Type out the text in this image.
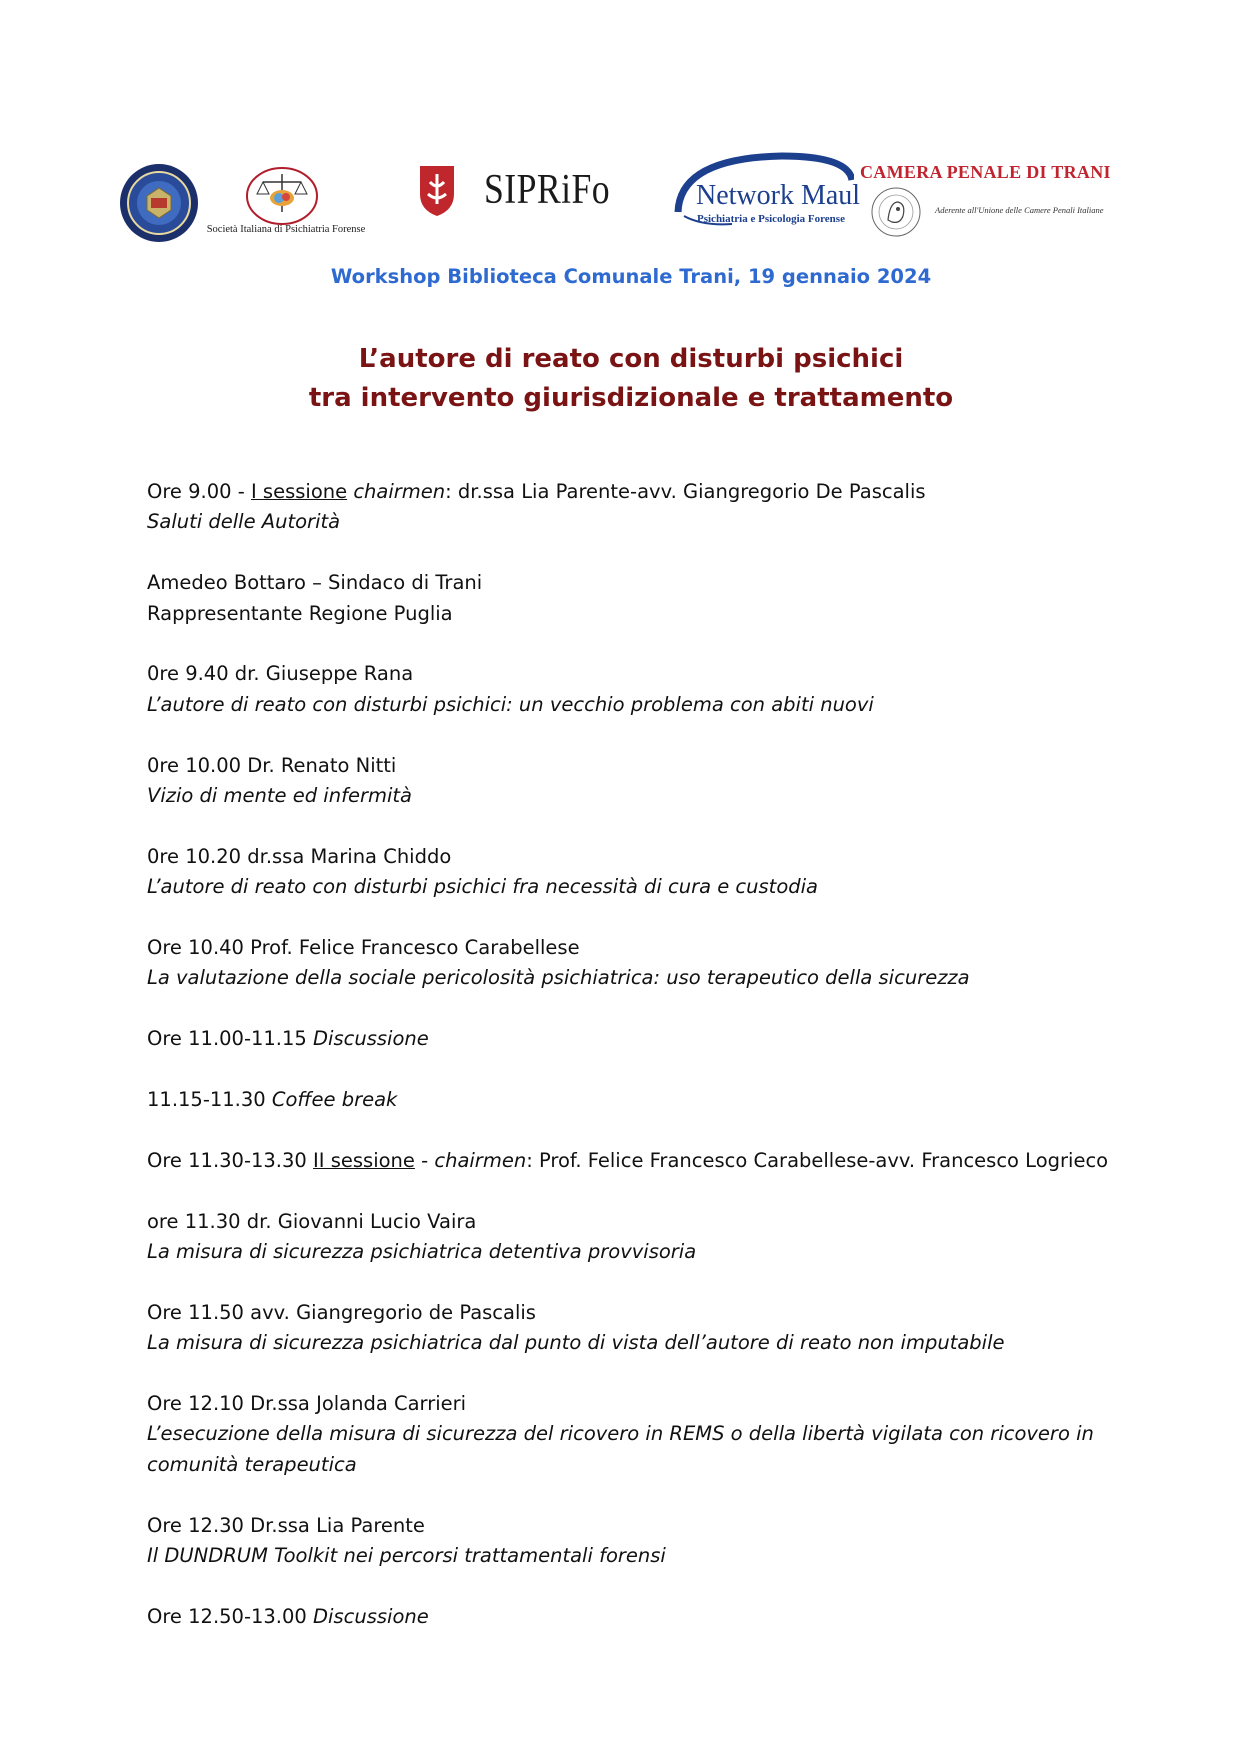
Società Italiana di Psichiatria Forense
SIPRiFo	Network Maul
Psichiatria e Psicologia Forense
CAMERA PENALE DI TRANI
Aderente all'Unione delle Camere Penali Italiane
Workshop Biblioteca Comunale Trani, 19 gennaio 2024
L’autore di reato con disturbi psichici
tra intervento giurisdizionale e trattamento
Ore 9.00 - I sessione chairmen: dr.ssa Lia Parente-avv. Giangregorio De Pascalis
Saluti delle Autorità
Amedeo Bottaro – Sindaco di Trani
Rappresentante Regione Puglia
0re 9.40 dr. Giuseppe Rana
L’autore di reato con disturbi psichici: un vecchio problema con abiti nuovi
0re 10.00 Dr. Renato Nitti
Vizio di mente ed infermità
0re 10.20 dr.ssa Marina Chiddo
L’autore di reato con disturbi psichici fra necessità di cura e custodia
Ore 10.40 Prof. Felice Francesco Carabellese
La valutazione della sociale pericolosità psichiatrica: uso terapeutico della sicurezza
Ore 11.00-11.15 Discussione
11.15-11.30 Coffee break
Ore 11.30-13.30 II sessione - chairmen: Prof. Felice Francesco Carabellese-avv. Francesco Logrieco
ore 11.30 dr. Giovanni Lucio Vaira
La misura di sicurezza psichiatrica detentiva provvisoria
Ore 11.50 avv. Giangregorio de Pascalis
La misura di sicurezza psichiatrica dal punto di vista dell’autore di reato non imputabile
Ore 12.10 Dr.ssa Jolanda Carrieri
L’esecuzione della misura di sicurezza del ricovero in REMS o della libertà vigilata con ricovero in comunità terapeutica
Ore 12.30 Dr.ssa Lia Parente
Il DUNDRUM Toolkit nei percorsi trattamentali forensi
Ore 12.50-13.00 Discussione
